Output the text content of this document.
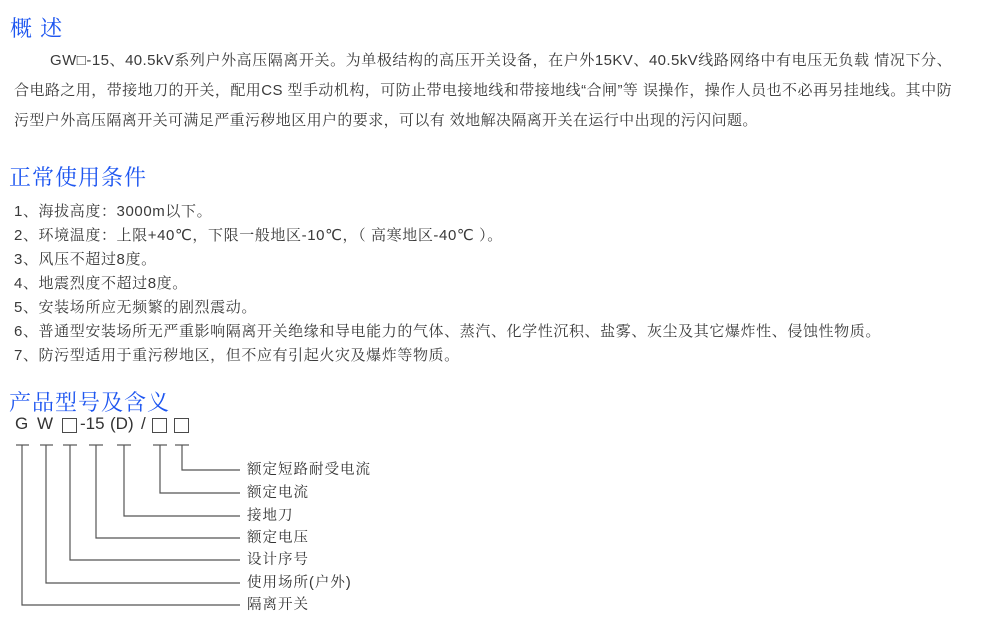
概 述

GW□-15、40.5kV系列户外高压隔离开关。为单极结构的高压开关设备，在户外15KV、40.5kV线路网络中有电压无负载 情况下分、合电路之用，带接地刀的开关，配用CS 型手动机构，可防止带电接地线和带接地线“合闸”等 误操作，操作人员也不必再另挂地线。其中防污型户外高压隔离开关可满足严重污秽地区用户的要求，可以有 效地解决隔离开关在运行中出现的污闪问题。

正常使用条件
1、海拔高度：3000m以下。
2、环境温度：上限+40℃，下限一般地区-10℃，（ 高寒地区-40℃ ）。
3、风压不超过8度。
4、地震烈度不超过8度。
5、安装场所应无频繁的剧烈震动。
6、普通型安装场所无严重影响隔离开关绝缘和导电能力的气体、蒸汽、化学性沉积、盐雾、灰尘及其它爆炸性、侵蚀性物质。
7、防污型适用于重污秽地区，但不应有引起火灾及爆炸等物质。
产品型号及含义
G W -15 (D) /
额定短路耐受电流
额定电流
接地刀
额定电压
设计序号
使用场所(户外)
隔离开关
